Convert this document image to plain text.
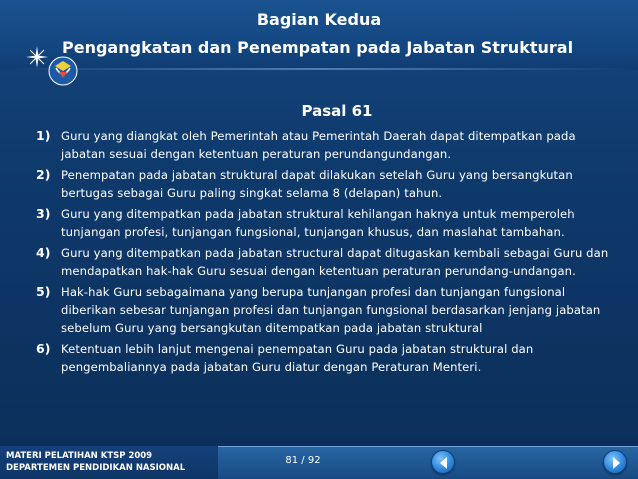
Bagian Kedua
Pengangkatan dan Penempatan pada Jabatan Struktural
Pasal 61
1) Guru yang diangkat oleh Pemerintah atau Pemerintah Daerah dapat ditempatkan pada jabatan sesuai dengan ketentuan peraturan perundangundangan.
2) Penempatan pada jabatan struktural dapat dilakukan setelah Guru yang bersangkutan bertugas sebagai Guru paling singkat selama 8 (delapan) tahun.
3) Guru yang ditempatkan pada jabatan struktural kehilangan haknya untuk memperoleh tunjangan profesi, tunjangan fungsional, tunjangan khusus, dan maslahat tambahan.
4) Guru yang ditempatkan pada jabatan structural dapat ditugaskan kembali sebagai Guru dan mendapatkan hak-hak Guru sesuai dengan ketentuan peraturan perundang-undangan.
5) Hak-hak Guru sebagaimana yang berupa tunjangan profesi dan tunjangan fungsional diberikan sebesar tunjangan profesi dan tunjangan fungsional berdasarkan jenjang jabatan sebelum Guru yang bersangkutan ditempatkan pada jabatan struktural
6) Ketentuan lebih lanjut mengenai penempatan Guru pada jabatan struktural dan pengembaliannya pada jabatan Guru diatur dengan Peraturan Menteri.
MATERI PELATIHAN KTSP 2009
DEPARTEMEN PENDIDIKAN NASIONAL
81 / 92
